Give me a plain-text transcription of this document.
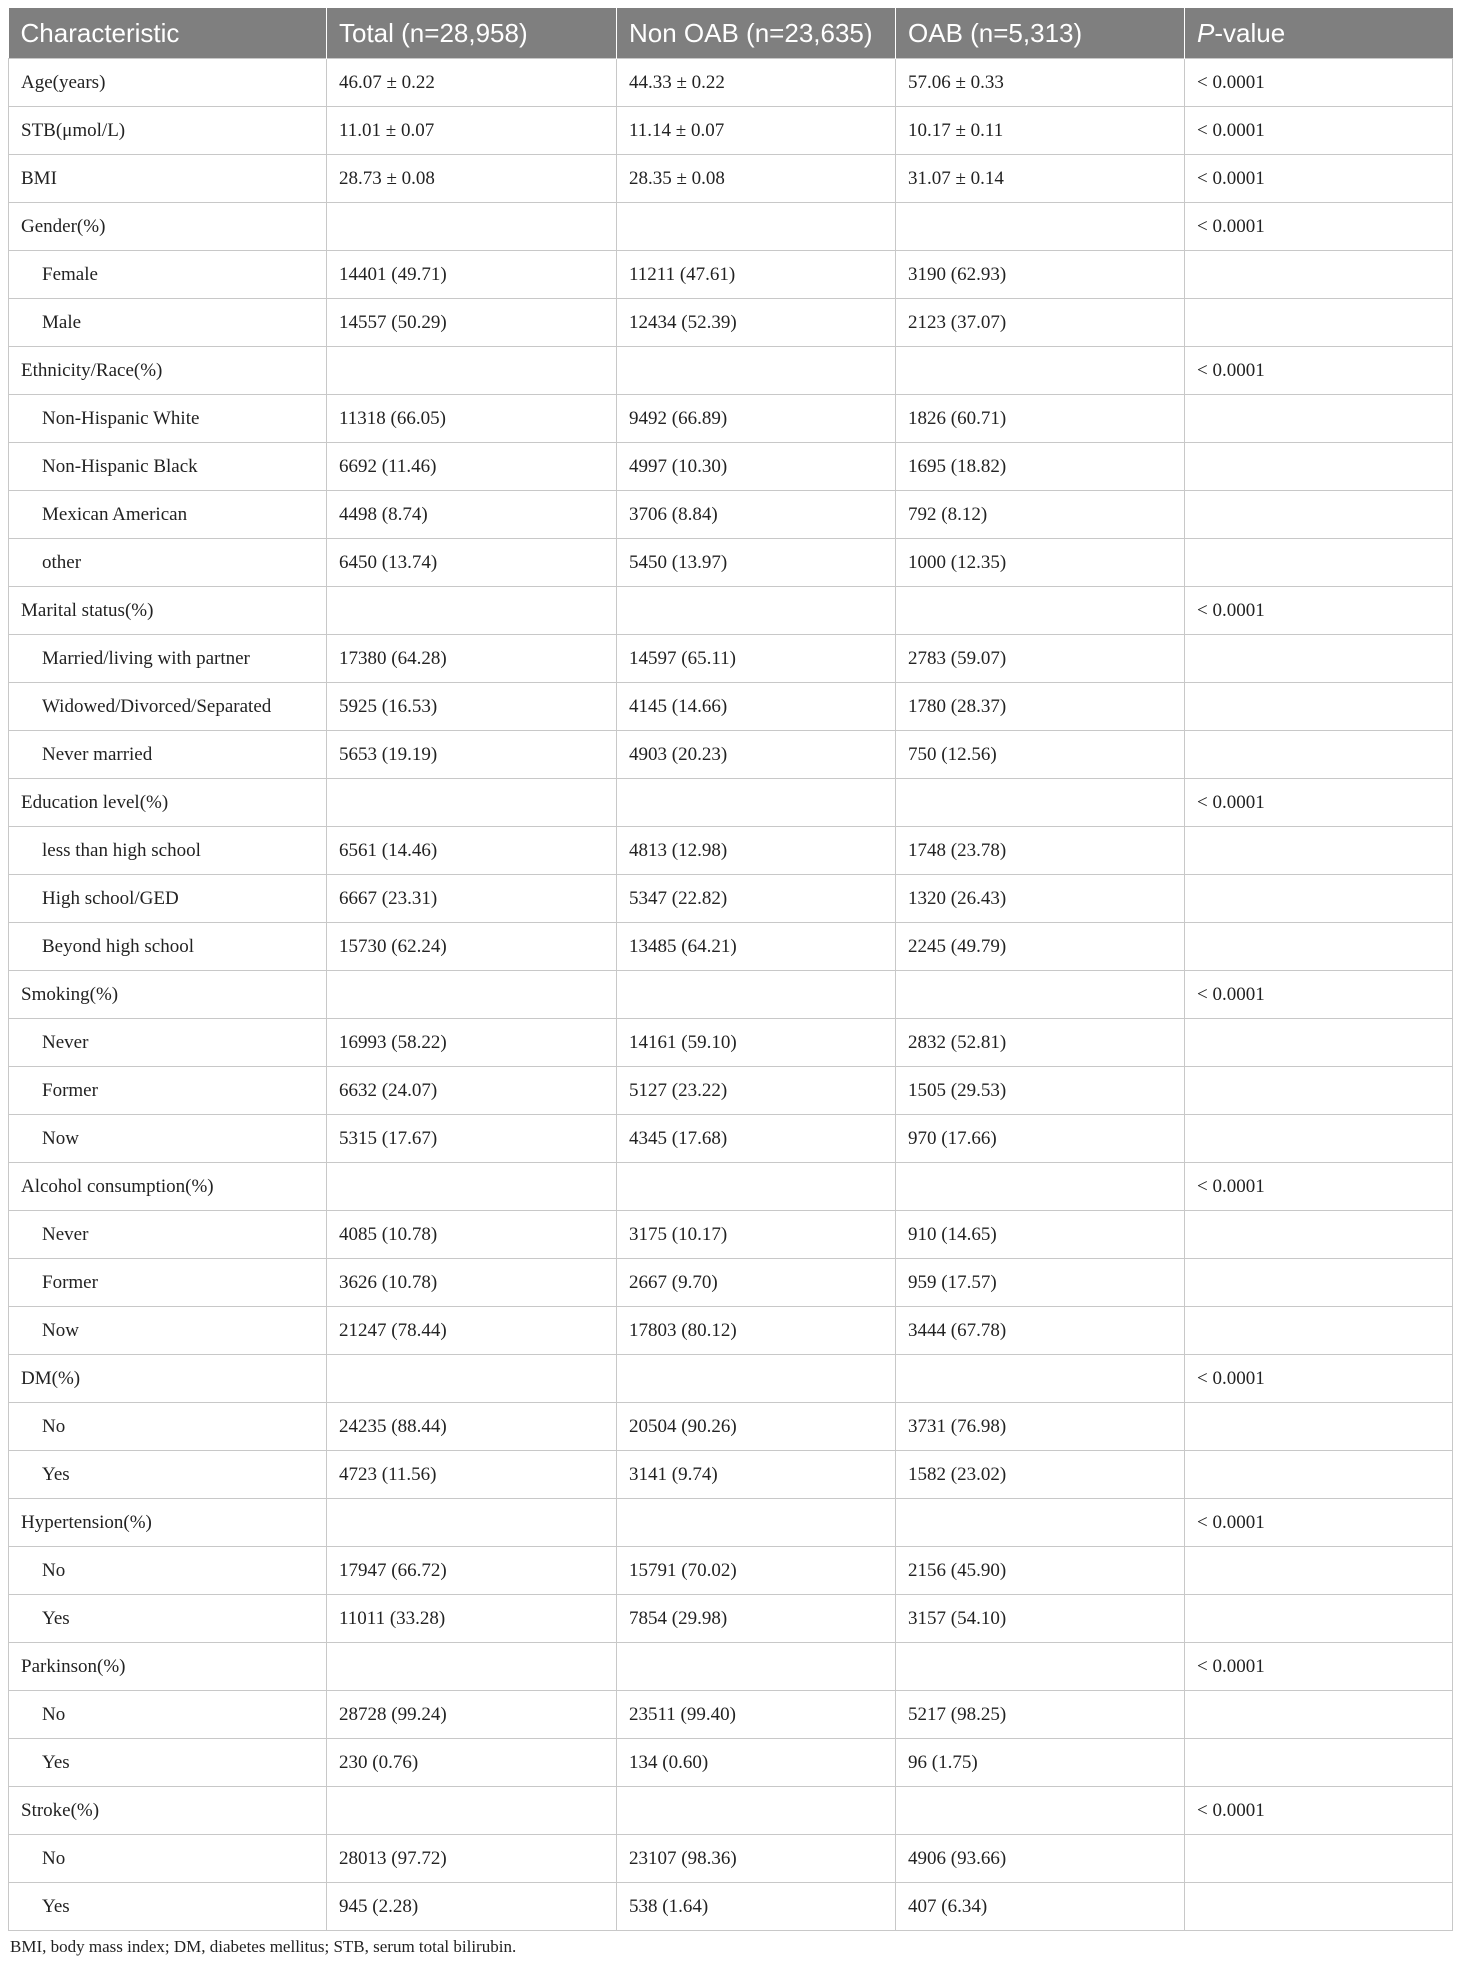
Characteristic	Total (n=28,958)	Non OAB (n=23,635)	OAB (n=5,313)	P-value
Age(years)	46.07 ± 0.22	44.33 ± 0.22	57.06 ± 0.33	< 0.0001
STB(μmol/L)	11.01 ± 0.07	11.14 ± 0.07	10.17 ± 0.11	< 0.0001
BMI	28.73 ± 0.08	28.35 ± 0.08	31.07 ± 0.14	< 0.0001
Gender(%)				< 0.0001
Female	14401 (49.71)	11211 (47.61)	3190 (62.93)	
Male	14557 (50.29)	12434 (52.39)	2123 (37.07)	
Ethnicity/Race(%)				< 0.0001
Non-Hispanic White	11318 (66.05)	9492 (66.89)	1826 (60.71)	
Non-Hispanic Black	6692 (11.46)	4997 (10.30)	1695 (18.82)	
Mexican American	4498 (8.74)	3706 (8.84)	792 (8.12)	
other	6450 (13.74)	5450 (13.97)	1000 (12.35)	
Marital status(%)				< 0.0001
Married/living with partner	17380 (64.28)	14597 (65.11)	2783 (59.07)	
Widowed/Divorced/Separated	5925 (16.53)	4145 (14.66)	1780 (28.37)	
Never married	5653 (19.19)	4903 (20.23)	750 (12.56)	
Education level(%)				< 0.0001
less than high school	6561 (14.46)	4813 (12.98)	1748 (23.78)	
High school/GED	6667 (23.31)	5347 (22.82)	1320 (26.43)	
Beyond high school	15730 (62.24)	13485 (64.21)	2245 (49.79)	
Smoking(%)				< 0.0001
Never	16993 (58.22)	14161 (59.10)	2832 (52.81)	
Former	6632 (24.07)	5127 (23.22)	1505 (29.53)	
Now	5315 (17.67)	4345 (17.68)	970 (17.66)	
Alcohol consumption(%)				< 0.0001
Never	4085 (10.78)	3175 (10.17)	910 (14.65)	
Former	3626 (10.78)	2667 (9.70)	959 (17.57)	
Now	21247 (78.44)	17803 (80.12)	3444 (67.78)	
DM(%)				< 0.0001
No	24235 (88.44)	20504 (90.26)	3731 (76.98)	
Yes	4723 (11.56)	3141 (9.74)	1582 (23.02)	
Hypertension(%)				< 0.0001
No	17947 (66.72)	15791 (70.02)	2156 (45.90)	
Yes	11011 (33.28)	7854 (29.98)	3157 (54.10)	
Parkinson(%)				< 0.0001
No	28728 (99.24)	23511 (99.40)	5217 (98.25)	
Yes	230 (0.76)	134 (0.60)	96 (1.75)	
Stroke(%)				< 0.0001
No	28013 (97.72)	23107 (98.36)	4906 (93.66)	
Yes	945 (2.28)	538 (1.64)	407 (6.34)	
BMI, body mass index; DM, diabetes mellitus; STB, serum total bilirubin.
